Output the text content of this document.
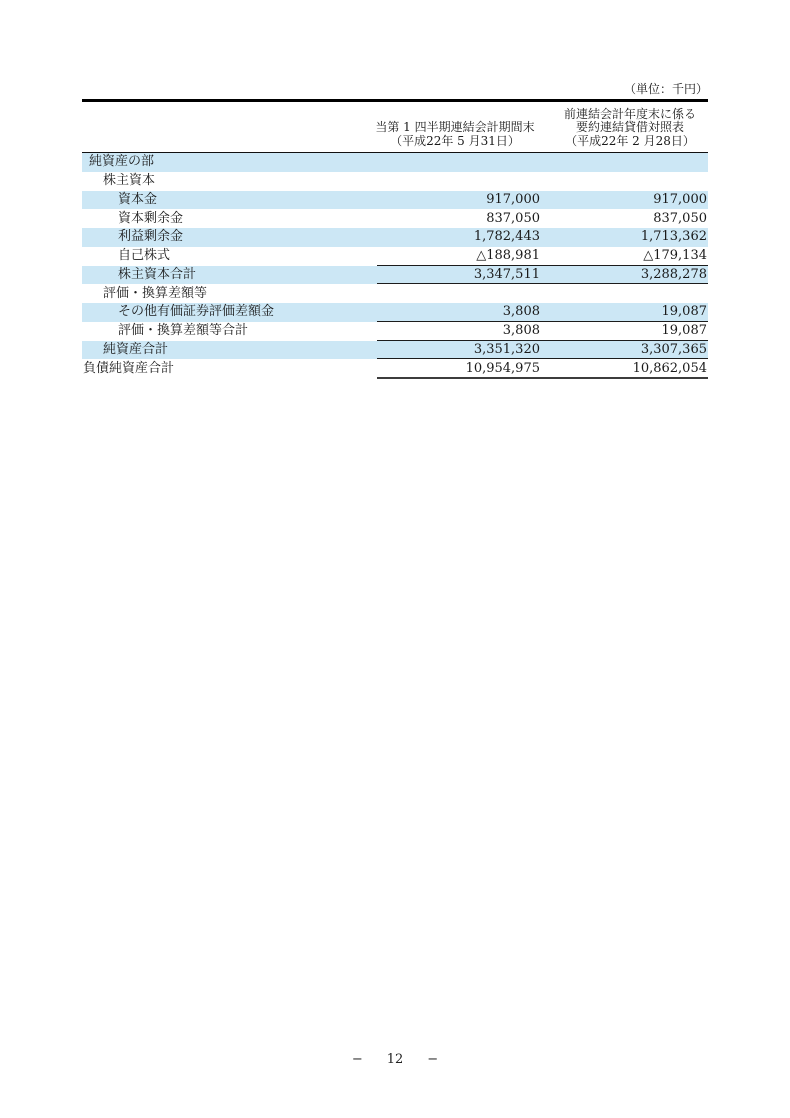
（単位：千円）
当第 1 四半期連結会計期間末
（平成22年 5 月31日）
前連結会計年度末に係る
要約連結貸借対照表
（平成22年 2 月28日）
純資産の部
株主資本
資本金	917,000	917,000
資本剰余金	837,050	837,050
利益剰余金	1,782,443	1,713,362
自己株式	△188,981	△179,134
株主資本合計	3,347,511	3,288,278
評価・換算差額等
その他有価証券評価差額金	3,808	19,087
評価・換算差額等合計	3,808	19,087
純資産合計	3,351,320	3,307,365
負債純資産合計	10,954,975	10,862,054
− 12 −
